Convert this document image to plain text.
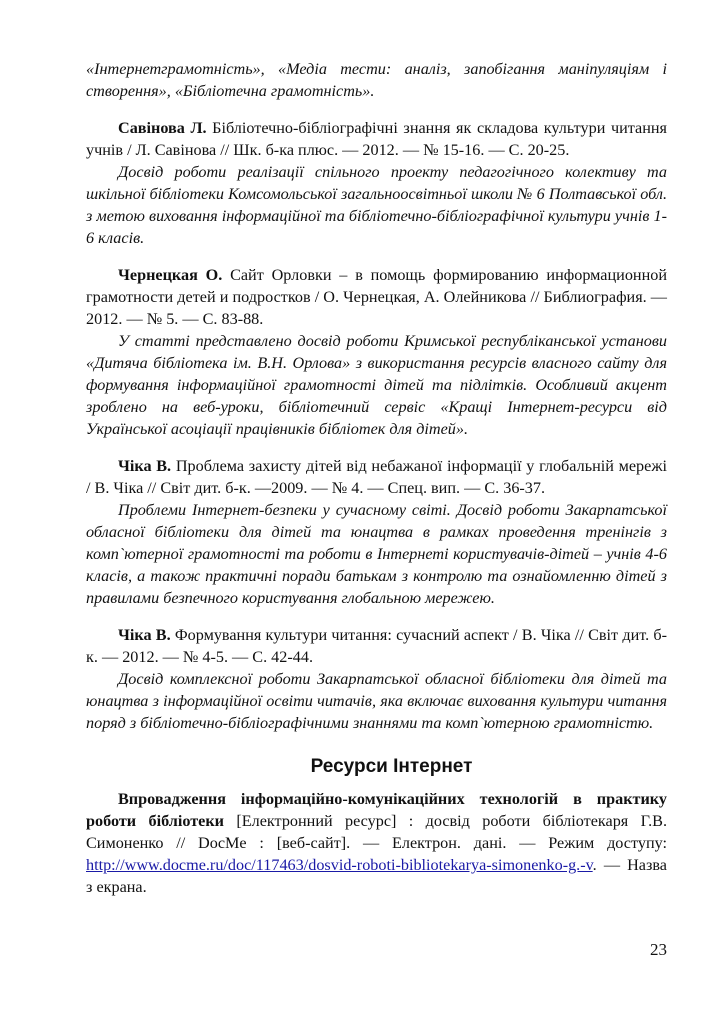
«Інтернетграмотність», «Медіа тести: аналіз, запобігання маніпуляціям і створення», «Бібліотечна грамотність».

Савінова Л. Бібліотечно-бібліографічні знання як складова культури читання учнів / Л. Савінова // Шк. б-ка плюс. — 2012. — № 15-16. — С. 20-25.

Досвід роботи реалізації спільного проекту педагогічного колективу та шкільної бібліотеки Комсомольської загальноосвітньої школи № 6 Полтавської обл. з метою виховання інформаційної та бібліотечно-бібліографічної культури учнів 1-6 класів.

Чернецкая О. Сайт Орловки – в помощь формированию информационной грамотности детей и подростков / О. Чернецкая, А. Олейникова // Библиография. — 2012. — № 5. — С. 83-88.

У статті представлено досвід роботи Кримської республіканської установи «Дитяча бібліотека ім. В.Н. Орлова» з використання ресурсів власного сайту для формування інформаційної грамотності дітей та підлітків. Особливий акцент зроблено на веб-уроки, бібліотечний сервіс «Кращі Інтернет-ресурси від Української асоціації працівників бібліотек для дітей».

Чіка В. Проблема захисту дітей від небажаної інформації у глобальній мережі / В. Чіка // Світ дит. б-к. —2009. — № 4. — Спец. вип. — С. 36-37.

Проблеми Інтернет-безпеки у сучасному світі. Досвід роботи Закарпатської обласної бібліотеки для дітей та юнацтва в рамках проведення тренінгів з комп`ютерної грамотності та роботи в Інтернеті користувачів-дітей – учнів 4-6 класів, а також практичні поради батькам з контролю та ознайомленню дітей з правилами безпечного користування глобальною мережею.

Чіка В. Формування культури читання: сучасний аспект / В. Чіка // Світ дит. б-к. — 2012. — № 4-5. — С. 42-44.

Досвід комплексної роботи Закарпатської обласної бібліотеки для дітей та юнацтва з інформаційної освіти читачів, яка включає виховання культури читання поряд з бібліотечно-бібліографічними знаннями та комп`ютерною грамотністю.

Ресурси Інтернет

Впровадження інформаційно-комунікаційних технологій в практику роботи бібліотеки [Електронний ресурс] : досвід роботи бібліотекаря Г.В. Симоненко // DocMe : [веб-сайт]. — Електрон. дані. — Режим доступу: http://www.docme.ru/doc/117463/dosvid-roboti-bibliotekarya-simonenko-g.-v. — Назва з екрана.

23
